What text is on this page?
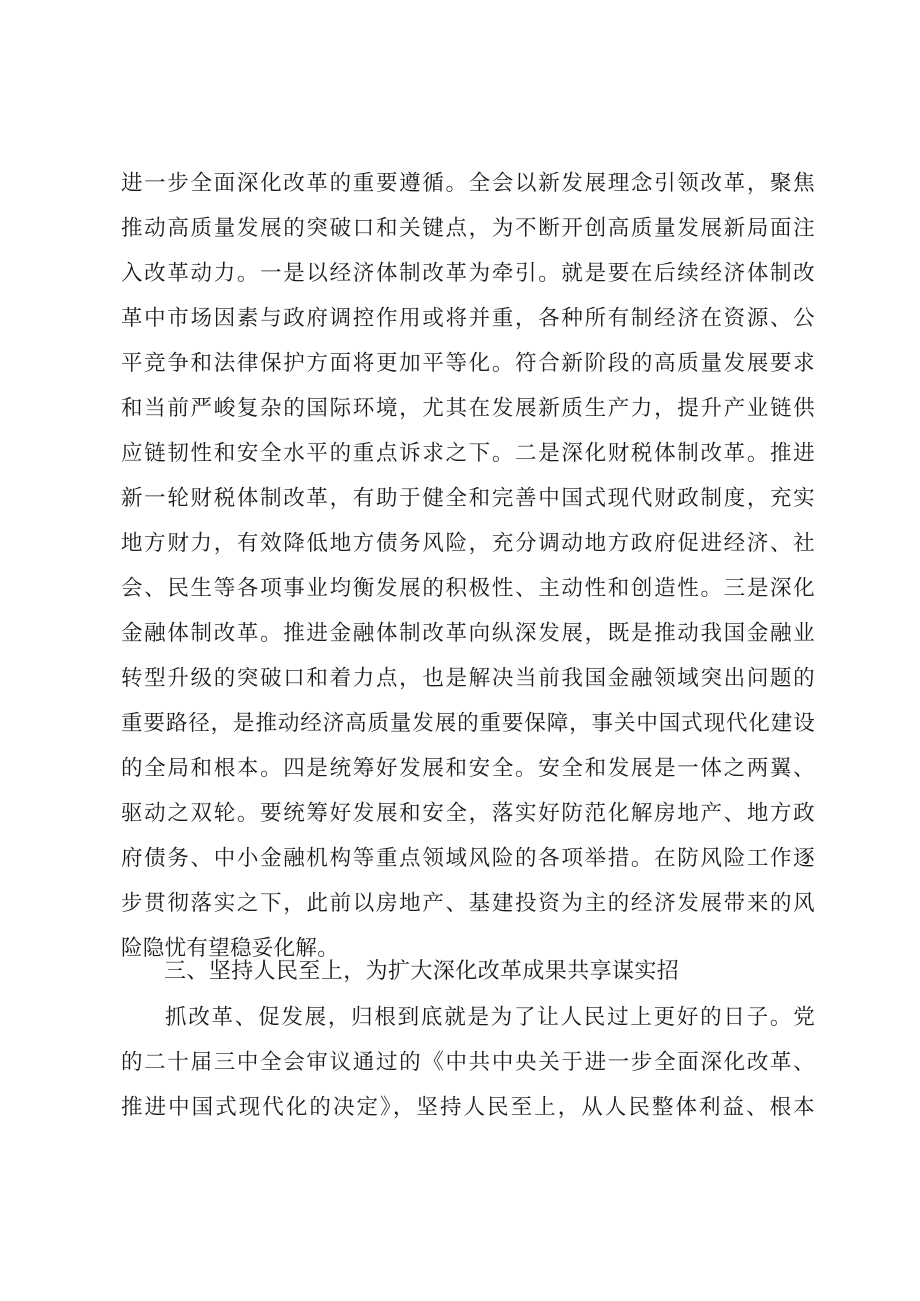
进一步全面深化改革的重要遵循。全会以新发展理念引领改革，聚焦
推动高质量发展的突破口和关键点，为不断开创高质量发展新局面注
入改革动力。一是以经济体制改革为牵引。就是要在后续经济体制改
革中市场因素与政府调控作用或将并重，各种所有制经济在资源、公
平竞争和法律保护方面将更加平等化。符合新阶段的高质量发展要求
和当前严峻复杂的国际环境，尤其在发展新质生产力，提升产业链供
应链韧性和安全水平的重点诉求之下。二是深化财税体制改革。推进
新一轮财税体制改革，有助于健全和完善中国式现代财政制度，充实
地方财力，有效降低地方债务风险，充分调动地方政府促进经济、社
会、民生等各项事业均衡发展的积极性、主动性和创造性。三是深化
金融体制改革。推进金融体制改革向纵深发展，既是推动我国金融业
转型升级的突破口和着力点，也是解决当前我国金融领域突出问题的
重要路径，是推动经济高质量发展的重要保障，事关中国式现代化建设
的全局和根本。四是统筹好发展和安全。安全和发展是一体之两翼、
驱动之双轮。要统筹好发展和安全，落实好防范化解房地产、地方政
府债务、中小金融机构等重点领域风险的各项举措。在防风险工作逐
步贯彻落实之下，此前以房地产、基建投资为主的经济发展带来的风
险隐忧有望稳妥化解。
三、坚持人民至上，为扩大深化改革成果共享谋实招
抓改革、促发展，归根到底就是为了让人民过上更好的日子。党
的二十届三中全会审议通过的《中共中央关于进一步全面深化改革、
推进中国式现代化的决定》，坚持人民至上，从人民整体利益、根本
